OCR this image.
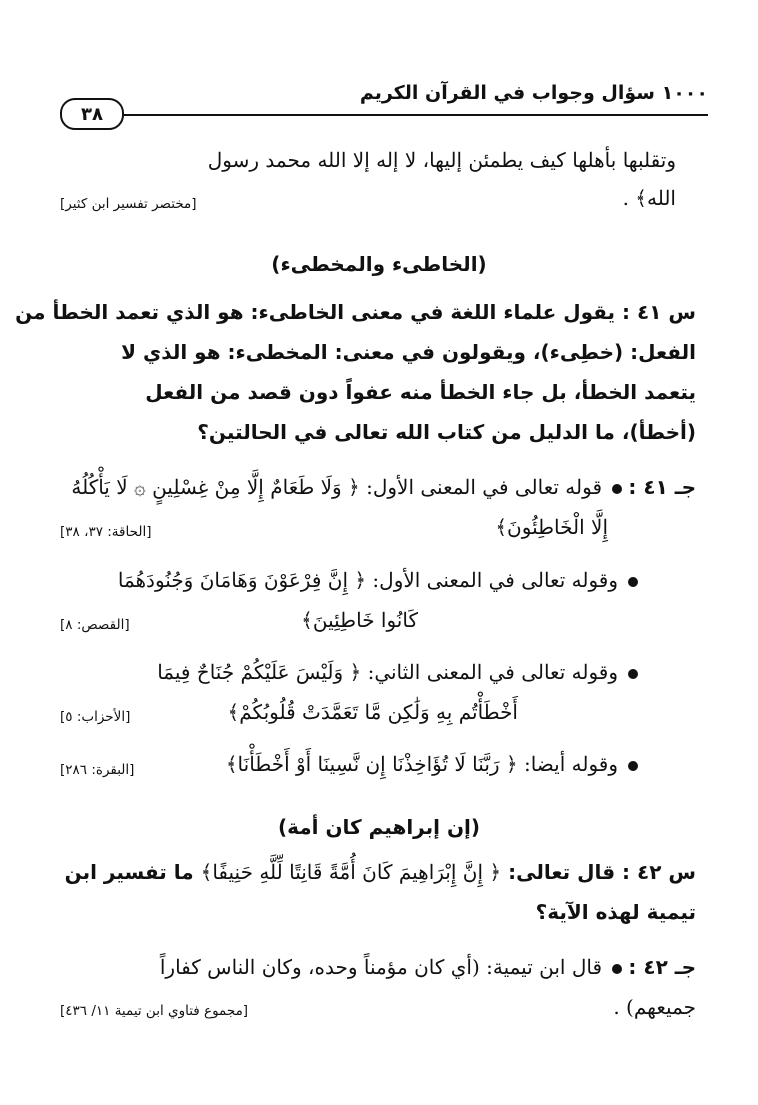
١٠٠٠ سؤال وجواب في القرآن الكريم
٣٨
وتقلبها بأهلها كيف يطمئن إليها، لا إله إلا الله محمد رسول
الله﴾ .
[مختصر تفسير ابن كثير]
(الخاطىء والمخطىء)
س ٤١ : يقول علماء اللغة في معنى الخاطىء: هو الذي تعمد الخطأ من
الفعل: (خطِىء)، ويقولون في معنى: المخطىء: هو الذي لا
يتعمد الخطأ، بل جاء الخطأ منه عفواً دون قصد من الفعل
(أخطأ)، ما الدليل من كتاب الله تعالى في الحالتين؟
جـ ٤١ : قوله تعالى في المعنى الأول: ﴿ وَلَا طَعَامٌ إِلَّا مِنْ غِسْلِينٍ ۞ لَا يَأْكُلُهُ
إِلَّا الْخَاطِئُونَ﴾
[الحاقة: ٣٧، ٣٨]
وقوله تعالى في المعنى الأول: ﴿ إِنَّ فِرْعَوْنَ وَهَامَانَ وَجُنُودَهُمَا
كَانُوا خَاطِئِينَ﴾
[القصص: ٨]
وقوله تعالى في المعنى الثاني: ﴿ وَلَيْسَ عَلَيْكُمْ جُنَاحٌ فِيمَا
أَخْطَأْتُم بِهِ وَلَٰكِن مَّا تَعَمَّدَتْ قُلُوبُكُمْ﴾
[الأحزاب: ٥]
وقوله أيضا: ﴿ رَبَّنَا لَا تُؤَاخِذْنَا إِن نَّسِينَا أَوْ أَخْطَأْنَا﴾
[البقرة: ٢٨٦]
(إن إبراهيم كان أمة)
س ٤٢ : قال تعالى: ﴿ إِنَّ إِبْرَاهِيمَ كَانَ أُمَّةً قَانِتًا لِّلَّهِ حَنِيفًا﴾ ما تفسير ابن
تيمية لهذه الآية؟
جـ ٤٢ : قال ابن تيمية: (أي كان مؤمناً وحده، وكان الناس كفاراً
جميعهم) .
[مجموع فتاوي ابن تيمية ١١/ ٤٣٦]
